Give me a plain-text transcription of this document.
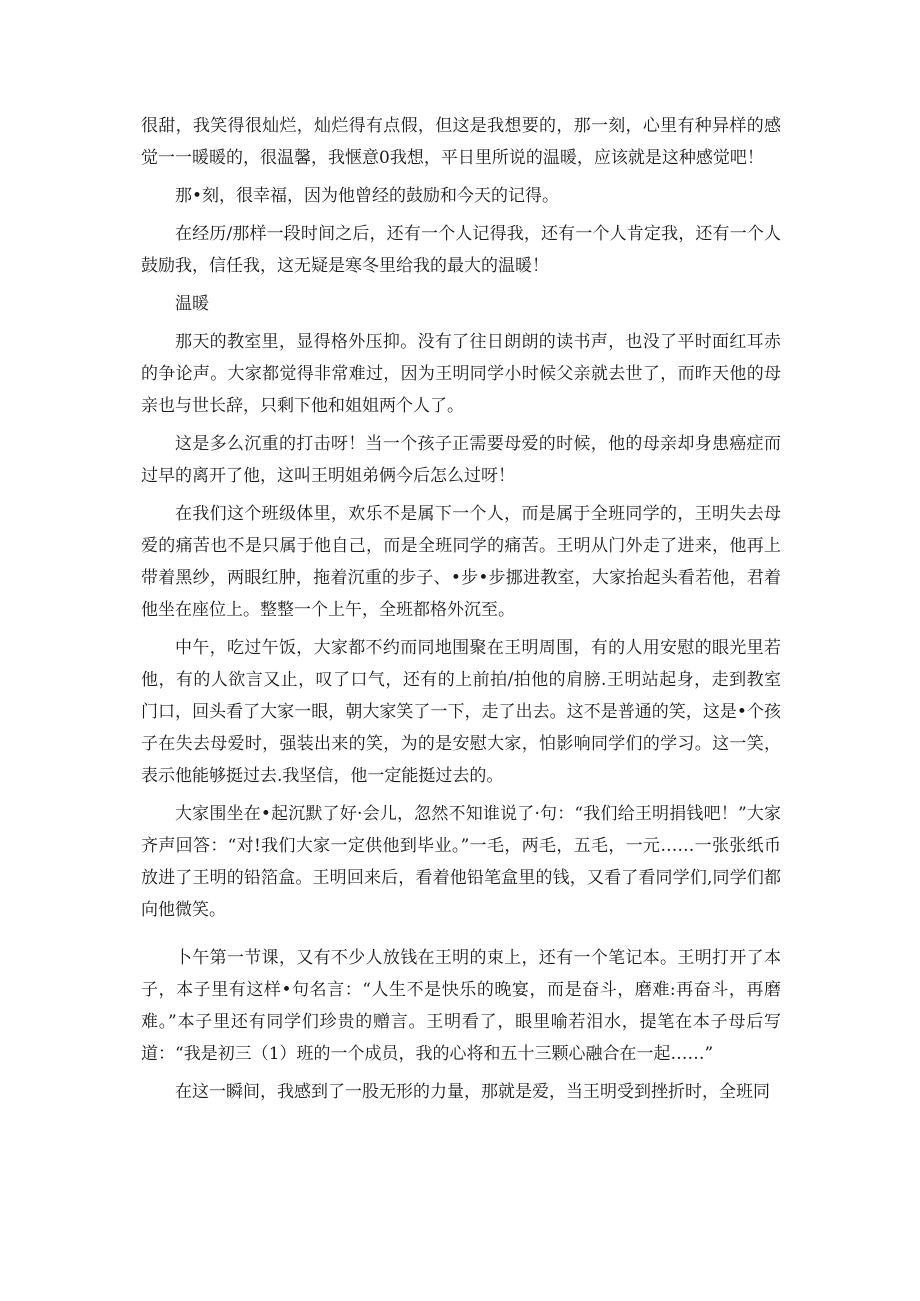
很甜，我笑得很灿烂，灿烂得有点假，但这是我想要的，那一刻，心里有种异样的感觉一一暖暖的，很温馨，我惬意0我想，平日里所说的温暖，应该就是这种感觉吧！

那•刻，很幸福，因为他曾经的鼓励和今天的记得。

在经历/那样一段时间之后，还有一个人记得我，还有一个人肯定我，还有一个人鼓励我，信任我，这无疑是寒冬里给我的最大的温暖！

温暖

那天的教室里，显得格外压抑。没有了往日朗朗的读书声，也没了平时面红耳赤的争论声。大家都觉得非常难过，因为王明同学小时候父亲就去世了，而昨天他的母亲也与世长辞，只剩下他和姐姐两个人了。

这是多么沉重的打击呀！当一个孩子正需要母爱的时候，他的母亲却身患癌症而过早的离开了他，这叫王明姐弟俩今后怎么过呀！

在我们这个班级体里，欢乐不是属下一个人，而是属于全班同学的，王明失去母爱的痛苦也不是只属于他自己，而是全班同学的痛苦。王明从门外走了进来，他再上带着黑纱，两眼红肿，拖着沉重的步子、•步•步挪进教室，大家抬起头看若他，君着他坐在座位上。整整一个上午，全班都格外沉至。

中午，吃过午饭，大家都不约而同地围聚在王明周围，有的人用安慰的眼光里若他，有的人欲言又止，叹了口气，还有的上前拍/拍他的肩膀.王明站起身，走到教室门口，回头看了大家一眼，朝大家笑了一下，走了出去。这不是普通的笑，这是•个孩子在失去母爱时，强装出来的笑，为的是安慰大家，怕影响同学们的学习。这一笑，表示他能够挺过去.我坚信，他一定能挺过去的。

大家围坐在•起沉默了好·会儿，忽然不知谁说了·句：“我们给王明捐钱吧！”大家齐声回答：“对!我们大家一定供他到毕业。”一毛，两毛，五毛，一元……一张张纸币放进了王明的铅箔盒。王明回来后，看着他铅笔盒里的钱，又看了看同学们,同学们都向他微笑。

卜午第一节课，又有不少人放钱在王明的束上，还有一个笔记本。王明打开了本子，本子里有这样•句名言：“人生不是快乐的晚宴，而是奋斗，磨难:再奋斗，再磨难。”本子里还有同学们珍贵的赠言。王明看了，眼里喻若泪水，提笔在本子母后写道：“我是初三（1）班的一个成员，我的心将和五十三颗心融合在一起……”

在这一瞬间，我感到了一股无形的力量，那就是爱，当王明受到挫折时，全班同
